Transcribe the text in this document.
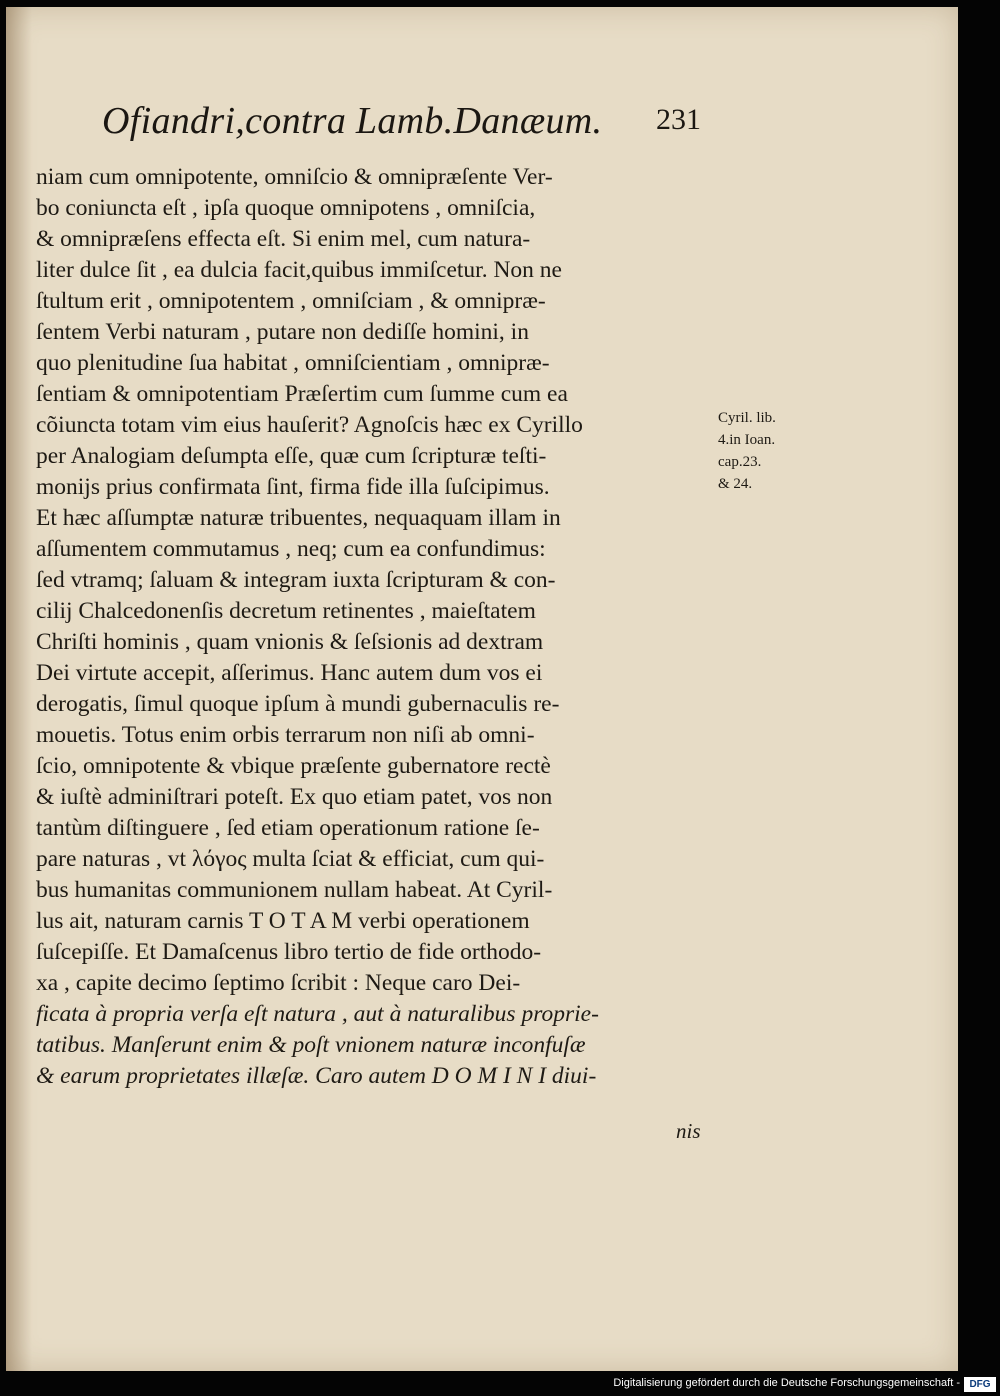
Ofiandri,contra Lamb.Danæum.	231
niam cum omnipotente, omniſcio & omnipræſente Ver-
bo coniuncta eſt , ipſa quoque omnipotens , omniſcia,
& omnipræſens effecta eſt. Si enim mel, cum natura-
liter dulce ſit , ea dulcia facit,quibus immiſcetur. Non ne
ſtultum erit , omnipotentem , omniſciam , & omnipræ-
ſentem Verbi naturam , putare non dediſſe homini, in
quo plenitudine ſua habitat , omniſcientiam , omnipræ-
ſentiam & omnipotentiam Præſertim cum ſumme cum ea
cõiuncta totam vim eius hauſerit? Agnoſcis hæc ex Cyrillo
per Analogiam deſumpta eſſe, quæ cum ſcripturæ teſti-
monijs prius confirmata ſint, firma fide illa ſuſcipimus.
Et hæc aſſumptæ naturæ tribuentes, nequaquam illam in
aſſumentem commutamus , neq; cum ea confundimus:
ſed vtramq; ſaluam & integram iuxta ſcripturam & con-
cilij Chalcedonenſis decretum retinentes , maieſtatem
Chriſti hominis , quam vnionis & ſeſsionis ad dextram
Dei virtute accepit, aſſerimus. Hanc autem dum vos ei
derogatis, ſimul quoque ipſum à mundi gubernaculis re-
mouetis. Totus enim orbis terrarum non niſi ab omni-
ſcio, omnipotente & vbique præſente gubernatore rectè
& iuſtè adminiſtrari poteſt. Ex quo etiam patet, vos non
tantùm diſtinguere , ſed etiam operationum ratione ſe-
pare naturas , vt λόγος multa ſciat & efficiat, cum qui-
bus humanitas communionem nullam habeat. At Cyril-
lus ait, naturam carnis T O T A M verbi operationem
ſuſcepiſſe. Et Damaſcenus libro tertio de fide orthodo-
xa , capite decimo ſeptimo ſcribit : Neque caro Dei-
ficata à propria verſa eſt natura , aut à naturalibus proprie-
tatibus. Manſerunt enim & poſt vnionem naturæ inconfuſæ
& earum proprietates illæſæ. Caro autem D O M I N I diui-
nis
Cyril. lib.
4.in Ioan.
cap.23.
& 24.
Digitalisierung gefördert durch die Deutsche Forschungsgemeinschaft - DFG
